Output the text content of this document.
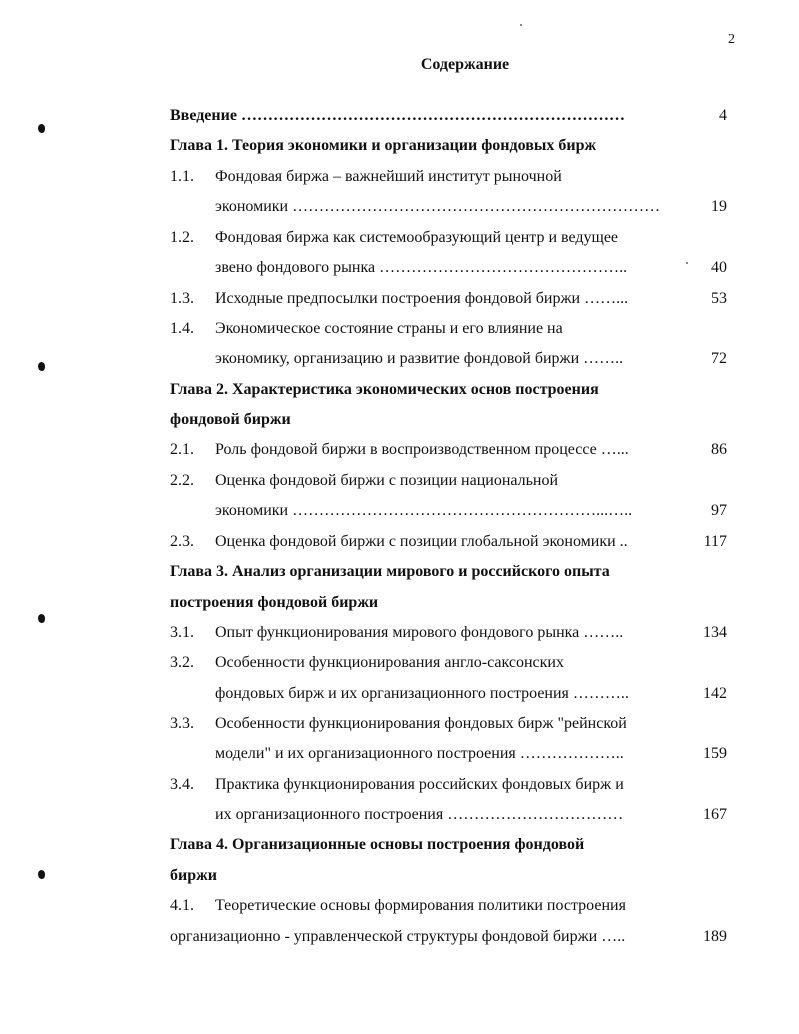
2
Содержание
Введение ………………………………………………………………	4
Глава 1. Теория экономики и организации фондовых бирж
1.1. Фондовая биржа – важнейший институт рыночной
экономики ……………………………………………………………	19
1.2. Фондовая биржа как системообразующий центр и ведущее
звено фондового рынка ………………………………………..	40
1.3. Исходные предпосылки построения фондовой биржи ……...	53
1.4. Экономическое состояние страны и его влияние на
экономику, организацию и развитие фондовой биржи ……..	72
Глава 2. Характеристика экономических основ построения
фондовой биржи
2.1. Роль фондовой биржи в воспроизводственном процессе …...	86
2.2. Оценка фондовой биржи с позиции национальной
экономики …………………………………………………...…..	97
2.3. Оценка фондовой биржи с позиции глобальной экономики ..	117
Глава 3. Анализ организации мирового и российского опыта
построения фондовой биржи
3.1. Опыт функционирования мирового фондового рынка ……..	134
3.2. Особенности функционирования англо-саксонских
фондовых бирж и их организационного построения ………..	142
3.3. Особенности функционирования фондовых бирж "рейнской
модели" и их организационного построения ………………..	159
3.4. Практика функционирования российских фондовых бирж и
их организационного построения ……………………………	167
Глава 4. Организационные основы построения фондовой
биржи
4.1. Теоретические основы формирования политики построения
организационно - управленческой структуры фондовой биржи …..	189
